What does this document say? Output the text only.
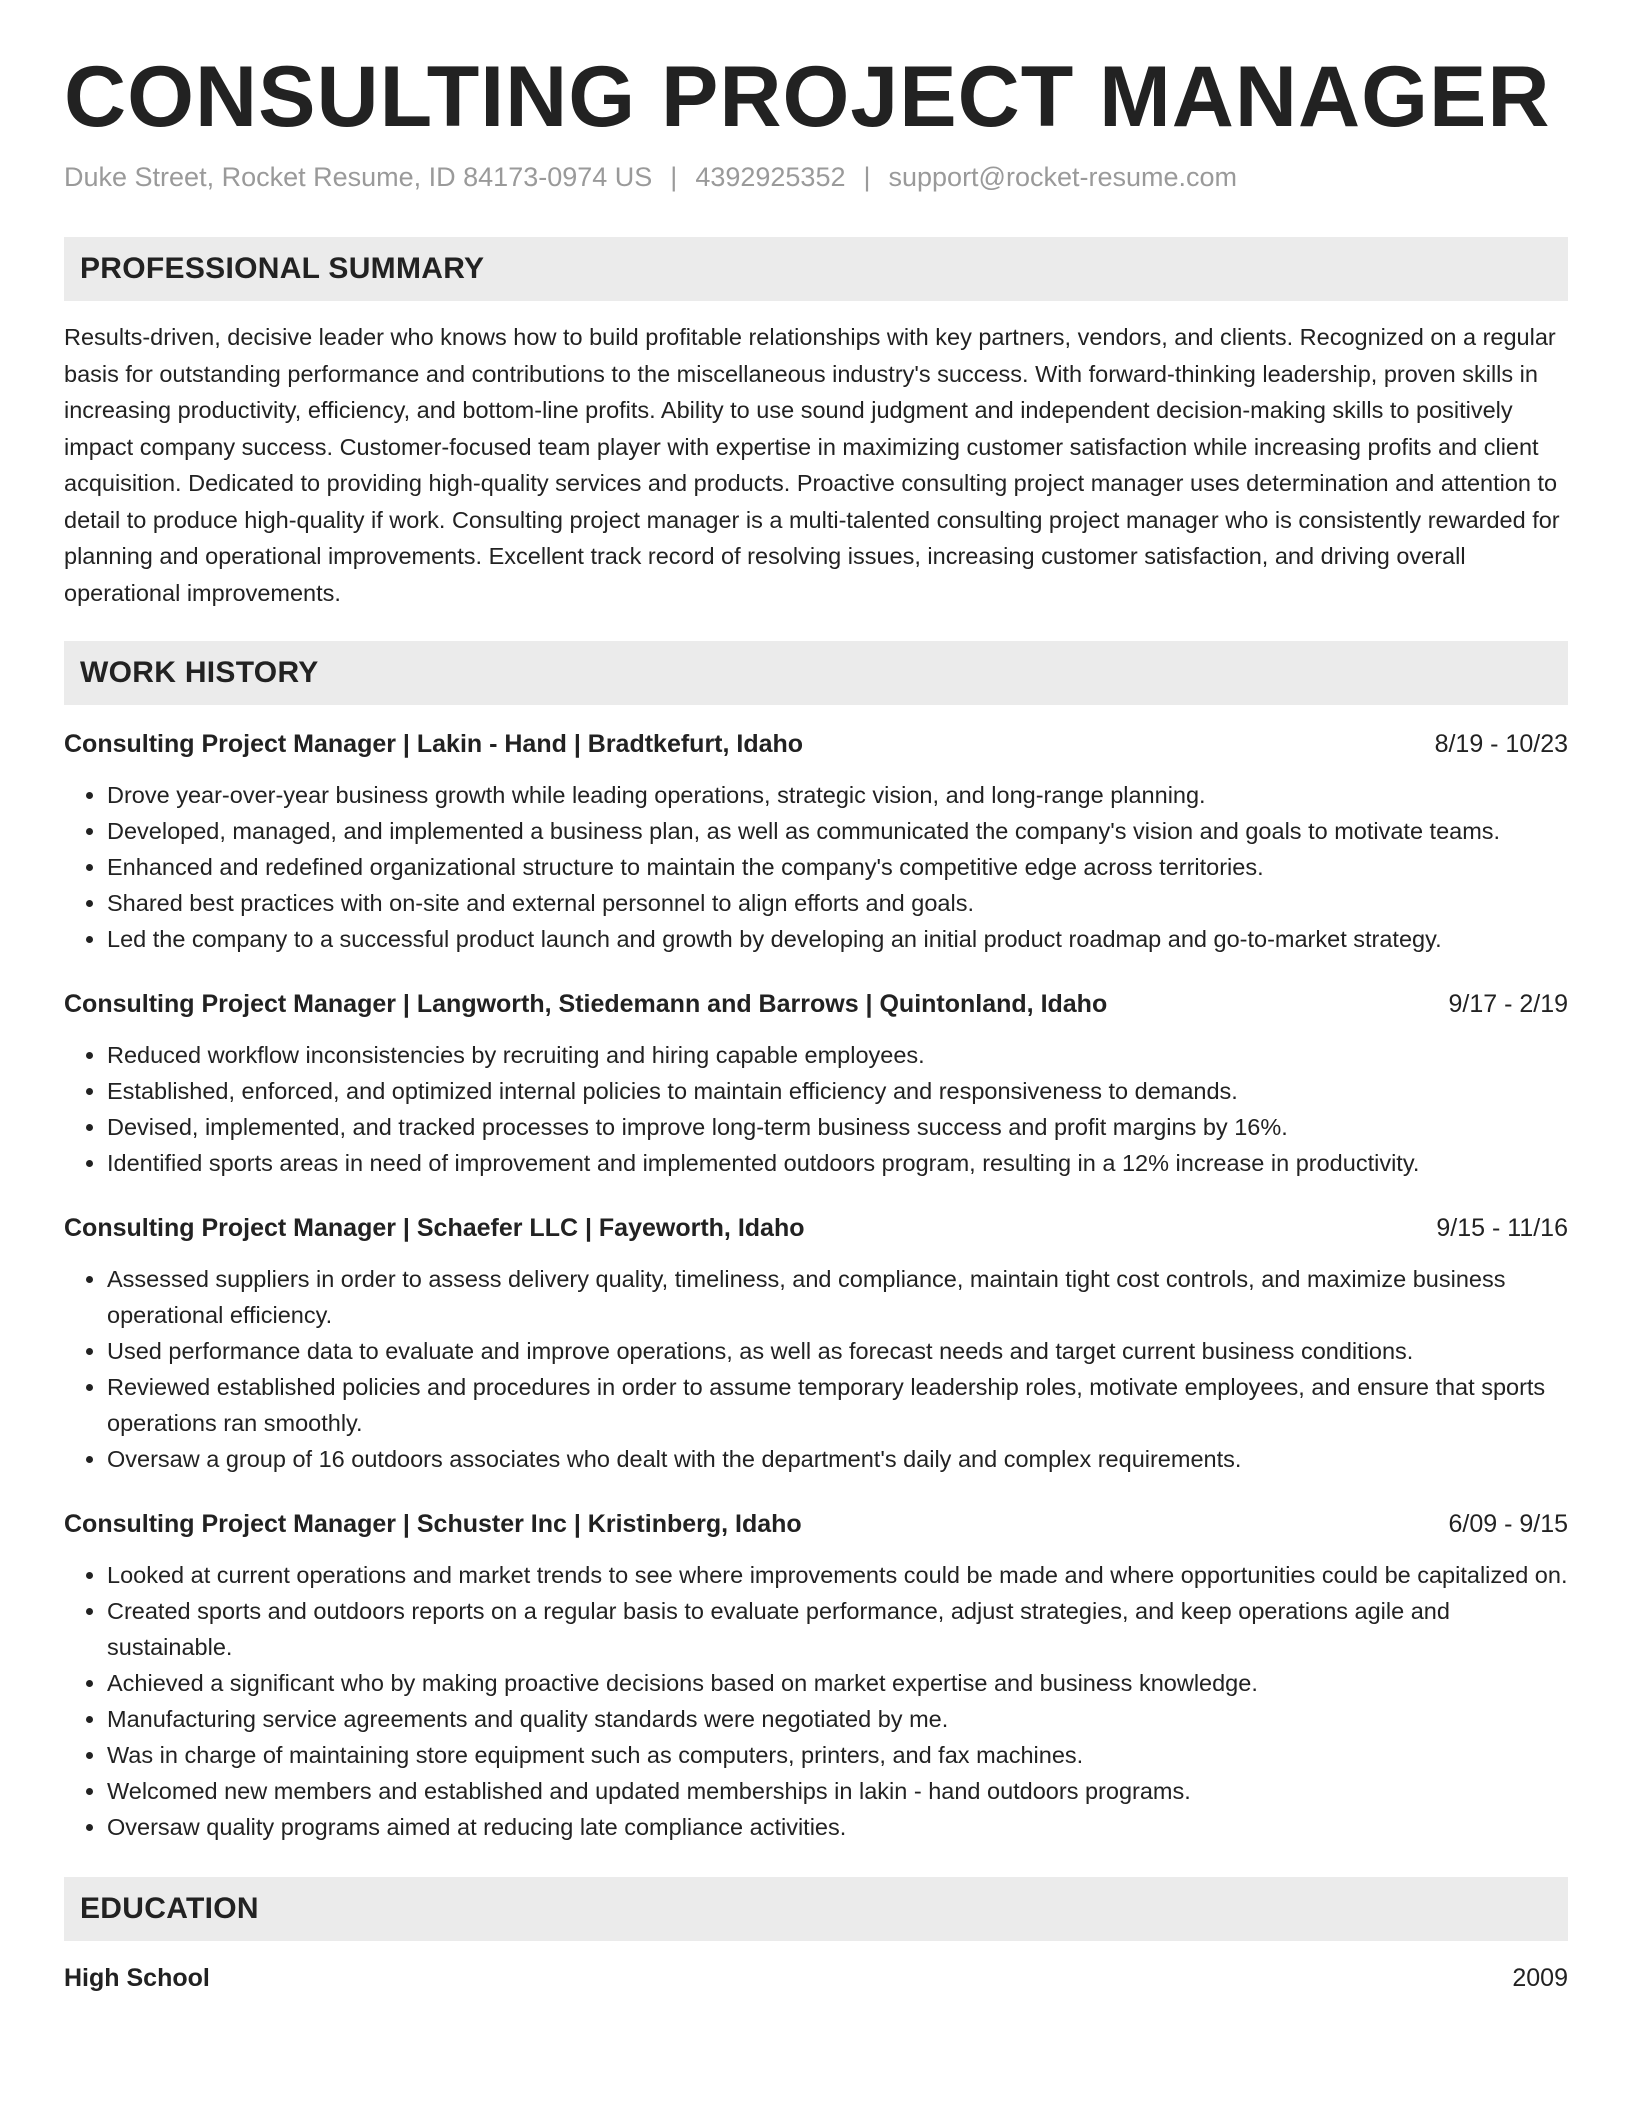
CONSULTING PROJECT MANAGER
Duke Street, Rocket Resume, ID 84173-0974 US | 4392925352 | support@rocket-resume.com
PROFESSIONAL SUMMARY
Results-driven, decisive leader who knows how to build profitable relationships with key partners, vendors, and clients. Recognized on a regular basis for outstanding performance and contributions to the miscellaneous industry's success. With forward-thinking leadership, proven skills in increasing productivity, efficiency, and bottom-line profits. Ability to use sound judgment and independent decision-making skills to positively impact company success. Customer-focused team player with expertise in maximizing customer satisfaction while increasing profits and client acquisition. Dedicated to providing high-quality services and products. Proactive consulting project manager uses determination and attention to detail to produce high-quality if work. Consulting project manager is a multi-talented consulting project manager who is consistently rewarded for planning and operational improvements. Excellent track record of resolving issues, increasing customer satisfaction, and driving overall operational improvements.
WORK HISTORY
Consulting Project Manager | Lakin - Hand | Bradtkefurt, Idaho	8/19 - 10/23
• Drove year-over-year business growth while leading operations, strategic vision, and long-range planning.
• Developed, managed, and implemented a business plan, as well as communicated the company's vision and goals to motivate teams.
• Enhanced and redefined organizational structure to maintain the company's competitive edge across territories.
• Shared best practices with on-site and external personnel to align efforts and goals.
• Led the company to a successful product launch and growth by developing an initial product roadmap and go-to-market strategy.
Consulting Project Manager | Langworth, Stiedemann and Barrows | Quintonland, Idaho	9/17 - 2/19
• Reduced workflow inconsistencies by recruiting and hiring capable employees.
• Established, enforced, and optimized internal policies to maintain efficiency and responsiveness to demands.
• Devised, implemented, and tracked processes to improve long-term business success and profit margins by 16%.
• Identified sports areas in need of improvement and implemented outdoors program, resulting in a 12% increase in productivity.
Consulting Project Manager | Schaefer LLC | Fayeworth, Idaho	9/15 - 11/16
• Assessed suppliers in order to assess delivery quality, timeliness, and compliance, maintain tight cost controls, and maximize business operational efficiency.
• Used performance data to evaluate and improve operations, as well as forecast needs and target current business conditions.
• Reviewed established policies and procedures in order to assume temporary leadership roles, motivate employees, and ensure that sports operations ran smoothly.
• Oversaw a group of 16 outdoors associates who dealt with the department's daily and complex requirements.
Consulting Project Manager | Schuster Inc | Kristinberg, Idaho	6/09 - 9/15
• Looked at current operations and market trends to see where improvements could be made and where opportunities could be capitalized on.
• Created sports and outdoors reports on a regular basis to evaluate performance, adjust strategies, and keep operations agile and sustainable.
• Achieved a significant who by making proactive decisions based on market expertise and business knowledge.
• Manufacturing service agreements and quality standards were negotiated by me.
• Was in charge of maintaining store equipment such as computers, printers, and fax machines.
• Welcomed new members and established and updated memberships in lakin - hand outdoors programs.
• Oversaw quality programs aimed at reducing late compliance activities.
EDUCATION
High School	2009
